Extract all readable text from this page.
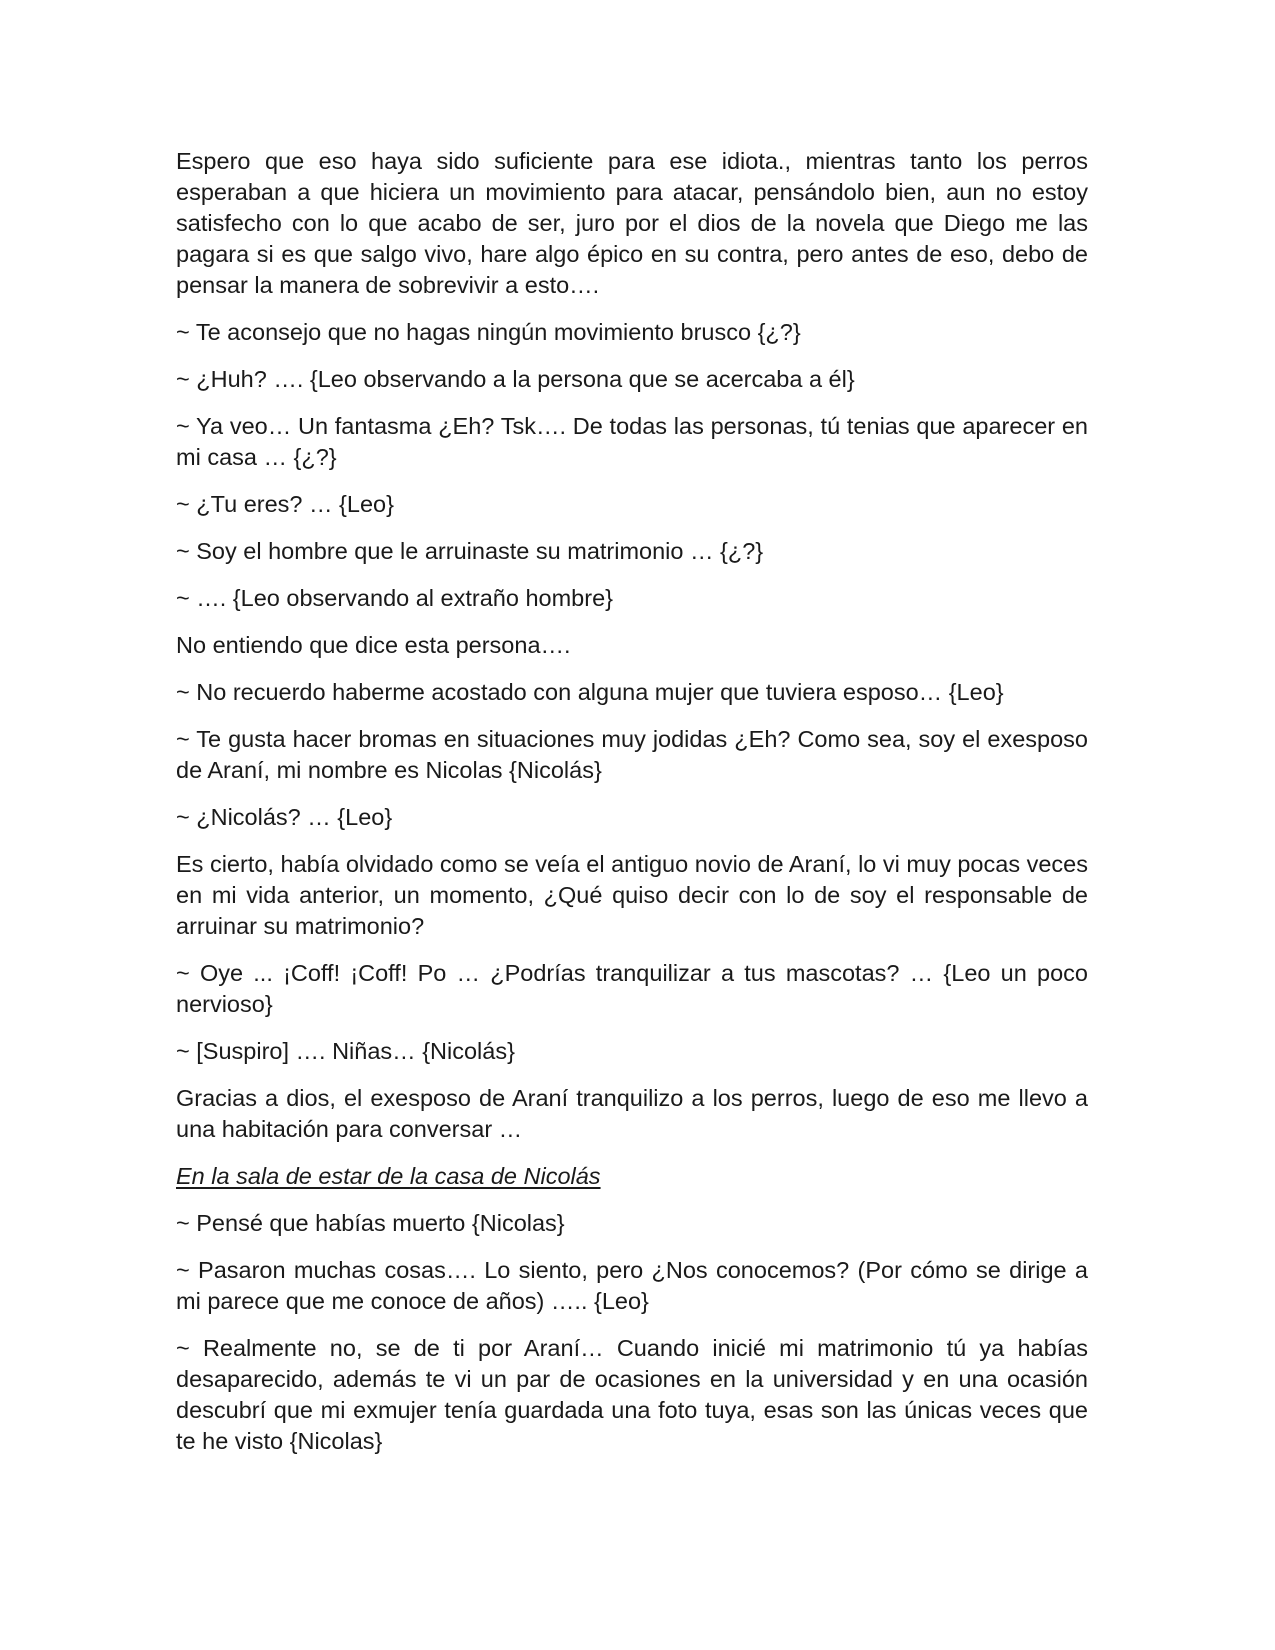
Espero que eso haya sido suficiente para ese idiota., mientras tanto los perros esperaban a que hiciera un movimiento para atacar, pensándolo bien, aun no estoy satisfecho con lo que acabo de ser, juro por el dios de la novela que Diego me las pagara si es que salgo vivo, hare algo épico en su contra, pero antes de eso, debo de pensar la manera de sobrevivir a esto….

~ Te aconsejo que no hagas ningún movimiento brusco {¿?}

~ ¿Huh? …. {Leo observando a la persona que se acercaba a él}

~ Ya veo… Un fantasma ¿Eh? Tsk…. De todas las personas, tú tenias que aparecer en mi casa … {¿?}

~ ¿Tu eres? … {Leo}

~ Soy el hombre que le arruinaste su matrimonio … {¿?}

~ …. {Leo observando al extraño hombre}

No entiendo que dice esta persona….

~ No recuerdo haberme acostado con alguna mujer que tuviera esposo… {Leo}

~ Te gusta hacer bromas en situaciones muy jodidas ¿Eh? Como sea, soy el exesposo de Araní, mi nombre es Nicolas {Nicolás}

~ ¿Nicolás? … {Leo}

Es cierto, había olvidado como se veía el antiguo novio de Araní, lo vi muy pocas veces en mi vida anterior, un momento, ¿Qué quiso decir con lo de soy el responsable de arruinar su matrimonio?

~ Oye ... ¡Coff! ¡Coff! Po … ¿Podrías tranquilizar a tus mascotas? … {Leo un poco nervioso}

~ [Suspiro] …. Niñas… {Nicolás}

Gracias a dios, el exesposo de Araní tranquilizo a los perros, luego de eso me llevo a una habitación para conversar …

En la sala de estar de la casa de Nicolás

~ Pensé que habías muerto {Nicolas}

~ Pasaron muchas cosas…. Lo siento, pero ¿Nos conocemos? (Por cómo se dirige a mi parece que me conoce de años) ….. {Leo}

~ Realmente no, se de ti por Araní… Cuando inicié mi matrimonio tú ya habías desaparecido, además te vi un par de ocasiones en la universidad y en una ocasión descubrí que mi exmujer tenía guardada una foto tuya, esas son las únicas veces que te he visto {Nicolas}
